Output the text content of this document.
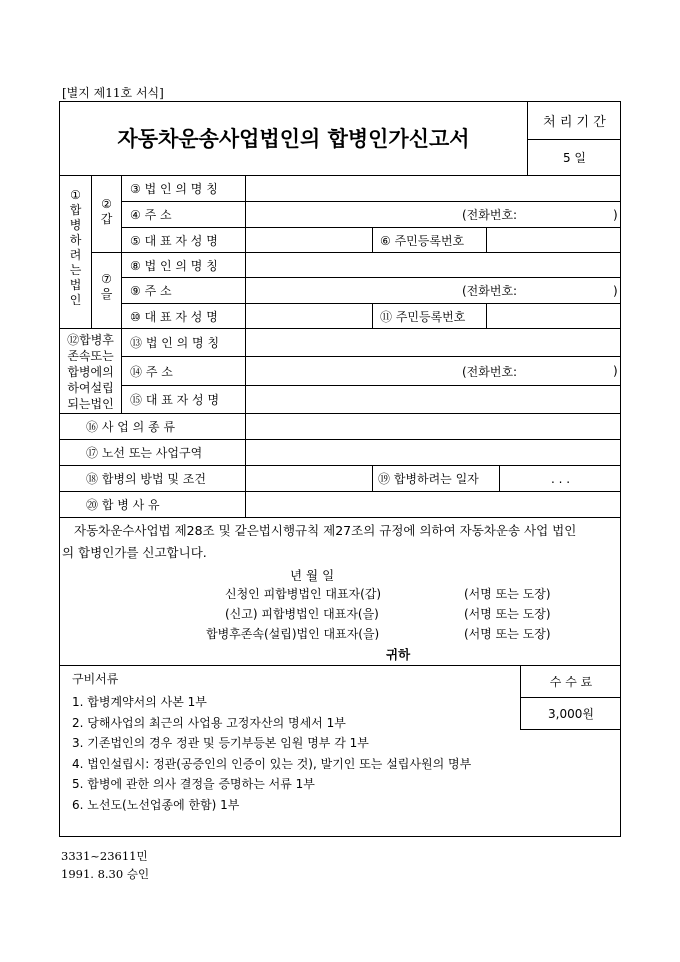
[별지 제11호 서식]
자동차운송사업법인의 합병인가신고서
처 리 기 간
5 일
①
합
병
하
려
는
법
인
②
갑
③ 법 인 의 명 칭
④ 주 소	(전화번호:	)
⑤ 대 표 자 성 명	⑥ 주민등록번호
⑦
을
⑧ 법 인 의 명 칭
⑨ 주 소	(전화번호:	)
⑩ 대 표 자 성 명	⑪ 주민등록번호
⑫합병후
존속또는
합병에의
하여설립
되는법인
⑬ 법 인 의 명 칭
⑭ 주 소	(전화번호:	)
⑮ 대 표 자 성 명
⑯ 사 업 의 종 류
⑰ 노선 또는 사업구역
⑱ 합병의 방법 및 조건	⑲ 합병하려는 일자	. . .
⑳ 합 병 사 유
자동차운수사업법 제28조 및 같은법시행규칙 제27조의 규정에 의하여 자동차운송 사업 법인
의 합병인가를 신고합니다.
년 월 일
신청인 피합병법인 대표자(갑)	(서명 또는 도장)
(신고) 피합병법인 대표자(을)	(서명 또는 도장)
합병후존속(설립)법인 대표자(을)	(서명 또는 도장)
귀하
구비서류
1. 합병계약서의 사본 1부
2. 당해사업의 최근의 사업용 고정자산의 명세서 1부
3. 기존법인의 경우 정관 및 등기부등본 임원 명부 각 1부
4. 법인설립시: 정관(공증인의 인증이 있는 것), 발기인 또는 설립사원의 명부
5. 합병에 관한 의사 결정을 증명하는 서류 1부
6. 노선도(노선업종에 한함) 1부
수 수 료
3,000원
3331~23611민
1991. 8.30 승인
